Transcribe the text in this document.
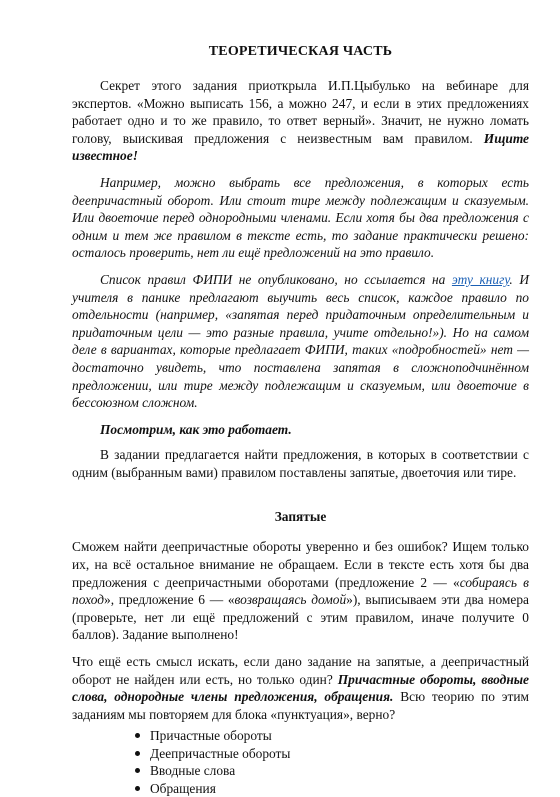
ТЕОРЕТИЧЕСКАЯ ЧАСТЬ

Секрет этого задания приоткрыла И.П.Цыбулько на вебинаре для экспертов. «Можно выписать 156, а можно 247, и если в этих предложениях работает одно и то же правило, то ответ верный». Значит, не нужно ломать голову, выискивая предложения с неизвестным вам правилом. Ищите известное!

Например, можно выбрать все предложения, в которых есть деепричастный оборот. Или стоит тире между подлежащим и сказуемым. Или двоеточие перед однородными членами. Если хотя бы два предложения с одним и тем же правилом в тексте есть, то задание практически решено: осталось проверить, нет ли ещё предложений на это правило.

Список правил ФИПИ не опубликовано, но ссылается на эту книгу. И учителя в панике предлагают выучить весь список, каждое правило по отдельности (например, «запятая перед придаточным определительным и придаточным цели — это разные правила, учите отдельно!»). Но на самом деле в вариантах, которые предлагает ФИПИ, таких «подробностей» нет — достаточно увидеть, что поставлена запятая в сложноподчинённом предложении, или тире между подлежащим и сказуемым, или двоеточие в бессоюзном сложном.

Посмотрим, как это работает.

В задании предлагается найти предложения, в которых в соответствии с одним (выбранным вами) правилом поставлены запятые, двоеточия или тире.

Запятые

Сможем найти деепричастные обороты уверенно и без ошибок? Ищем только их, на всё остальное внимание не обращаем. Если в тексте есть хотя бы два предложения с деепричастными оборотами (предложение 2 — «собираясь в поход», предложение 6 — «возвращаясь домой»), выписываем эти два номера (проверьте, нет ли ещё предложений с этим правилом, иначе получите 0 баллов). Задание выполнено!

Что ещё есть смысл искать, если дано задание на запятые, а деепричастный оборот не найден или есть, но только один? Причастные обороты, вводные слова, однородные члены предложения, обращения. Всю теорию по этим заданиям мы повторяем для блока «пунктуация», верно?

Причастные обороты
Деепричастные обороты
Вводные слова
Обращения
